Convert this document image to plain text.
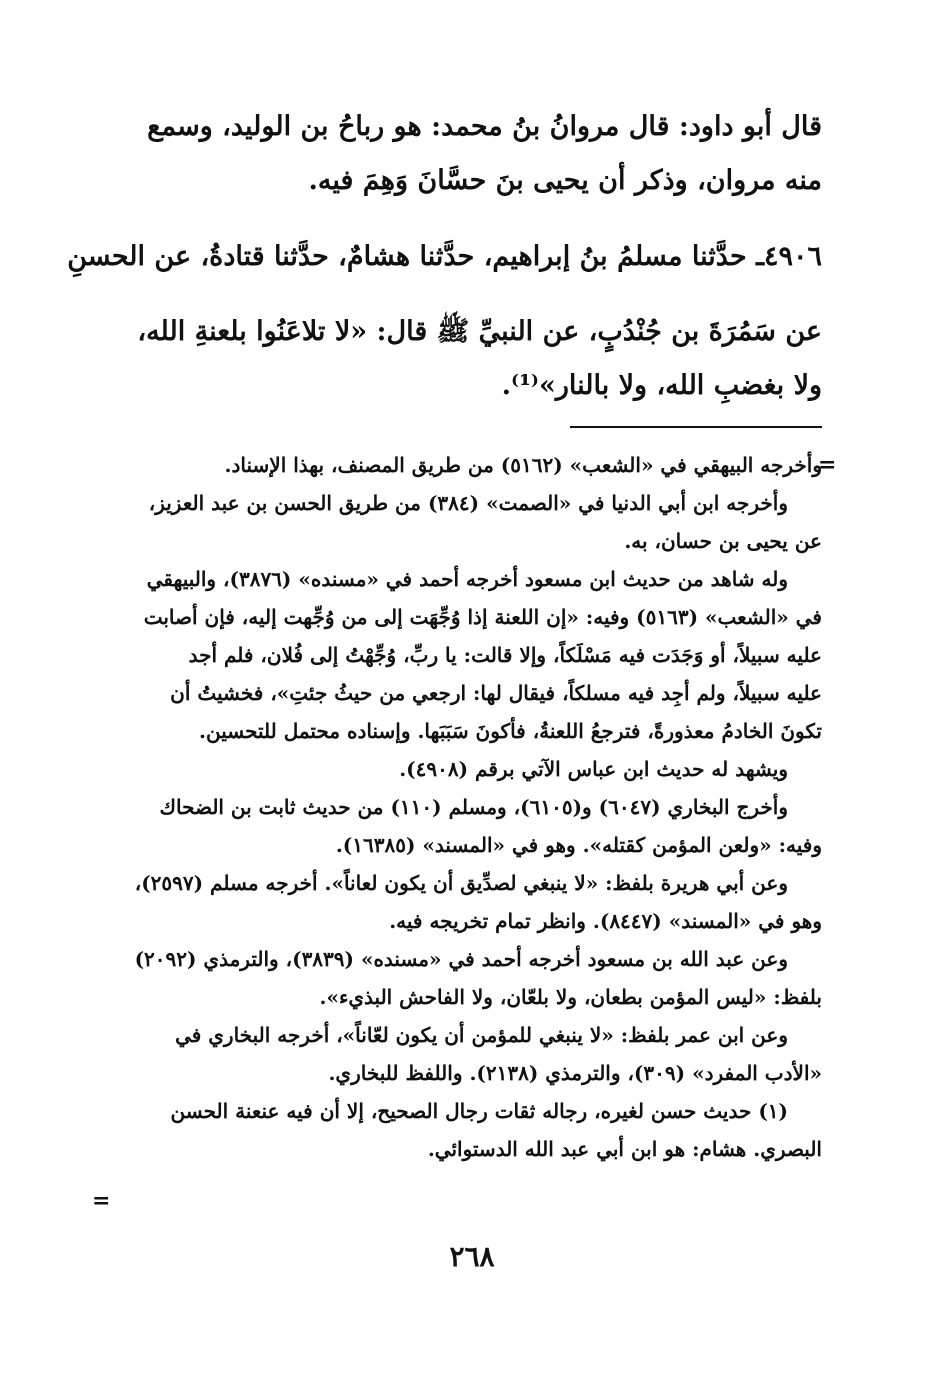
قال أبو داود: قال مروانُ بنُ محمد: هو رباحُ بن الوليد، وسمع
منه مروان، وذكر أن يحيى بنَ حسَّانَ وَهِمَ فيه.
٤٩٠٦ـ حدَّثنا مسلمُ بنُ إبراهيم، حدَّثنا هشامٌ، حدَّثنا قتادةُ، عن الحسنِ
عن سَمُرَةَ بن جُنْدُبٍ، عن النبيِّ ﷺ قال: «لا تلاعَنُوا بلعنةِ الله،
ولا بغضبِ الله، ولا بالنار»⁽¹⁾.
=
وأخرجه البيهقي في «الشعب» (٥١٦٢) من طريق المصنف، بهذا الإسناد.
وأخرجه ابن أبي الدنيا في «الصمت» (٣٨٤) من طريق الحسن بن عبد العزيز،
عن يحيى بن حسان، به.
وله شاهد من حديث ابن مسعود أخرجه أحمد في «مسنده» (٣٨٧٦)، والبيهقي
في «الشعب» (٥١٦٣) وفيه: «إن اللعنة إذا وُجِّهَت إلى من وُجِّهت إليه، فإن أصابت
عليه سبيلاً، أو وَجَدَت فيه مَسْلَكاً، وإلا قالت: يا ربِّ، وُجِّهْتُ إلى فُلان، فلم أجد
عليه سبيلاً، ولم أجِد فيه مسلكاً، فيقال لها: ارجعي من حيثُ جئتِ»، فخشيتُ أن
تكونَ الخادمُ معذورةً، فترجعُ اللعنةُ، فأكونَ سَبَبَها. وإسناده محتمل للتحسين.
ويشهد له حديث ابن عباس الآتي برقم (٤٩٠٨).
وأخرج البخاري (٦٠٤٧) و(٦١٠٥)، ومسلم (١١٠) من حديث ثابت بن الضحاك
وفيه: «ولعن المؤمن كقتله». وهو في «المسند» (١٦٣٨٥).
وعن أبي هريرة بلفظ: «لا ينبغي لصدِّيق أن يكون لعاناً». أخرجه مسلم (٢٥٩٧)،
وهو في «المسند» (٨٤٤٧). وانظر تمام تخريجه فيه.
وعن عبد الله بن مسعود أخرجه أحمد في «مسنده» (٣٨٣٩)، والترمذي (٢٠٩٢)
بلفظ: «ليس المؤمن بطعان، ولا بلعّان، ولا الفاحش البذيء».
وعن ابن عمر بلفظ: «لا ينبغي للمؤمن أن يكون لعّاناً»، أخرجه البخاري في
«الأدب المفرد» (٣٠٩)، والترمذي (٢١٣٨). واللفظ للبخاري.
(١) حديث حسن لغيره، رجاله ثقات رجال الصحيح، إلا أن فيه عنعنة الحسن
البصري. هشام: هو ابن أبي عبد الله الدستوائي.
=
٢٦٨
